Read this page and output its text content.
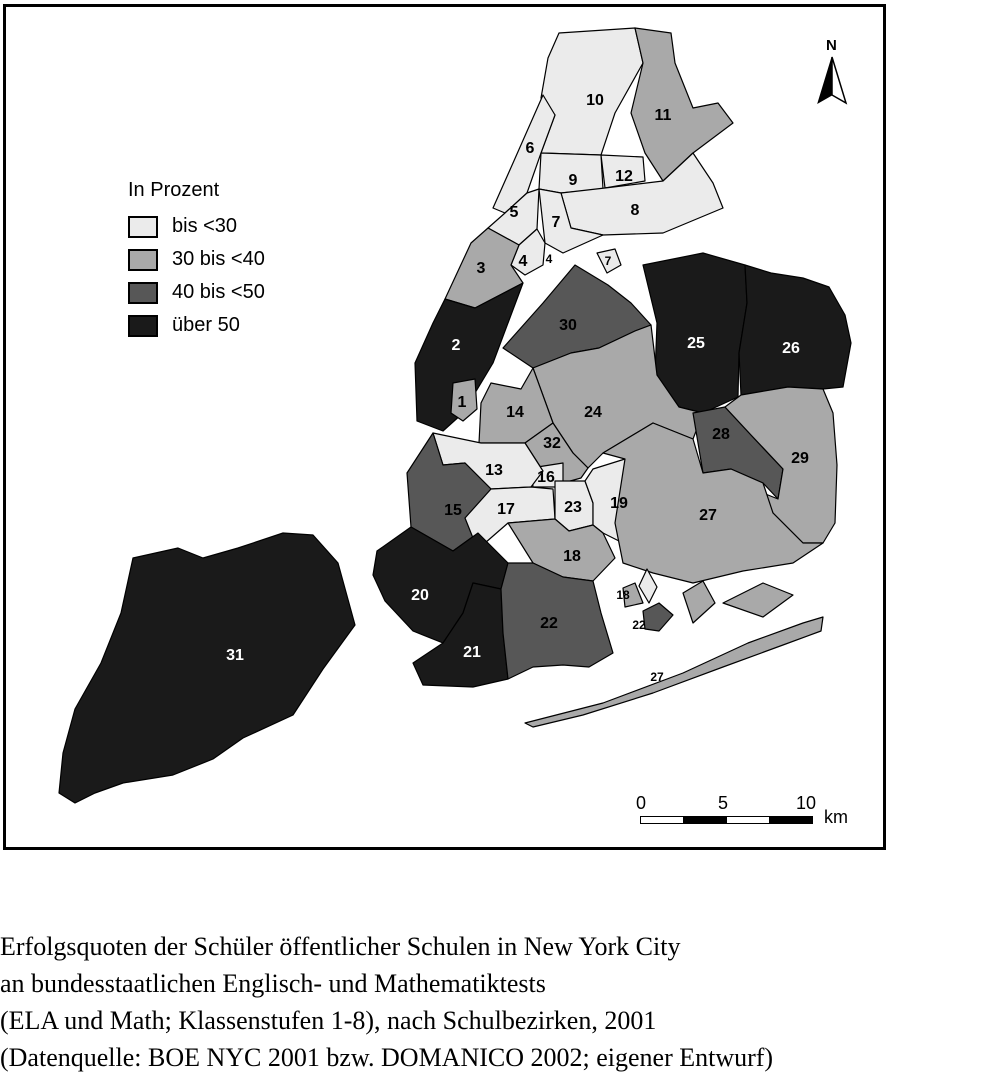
10
11
6
9 12
8
5
7
4
3
2
1
30
25	26
24
14
32
16
13
15 17	23 19
28
29
27
18
20
21
22
31
4	7
18
22
27
In Prozent
bis <30
30 bis <40
40 bis <50
über 50
N
0	5	10
km
Erfolgsquoten der Schüler öffentlicher Schulen in New York City
an bundesstaatlichen Englisch- und Mathematiktests
(ELA und Math; Klassenstufen 1-8), nach Schulbezirken, 2001
(Datenquelle: BOE NYC 2001 bzw. DOMANICO 2002; eigener Entwurf)
